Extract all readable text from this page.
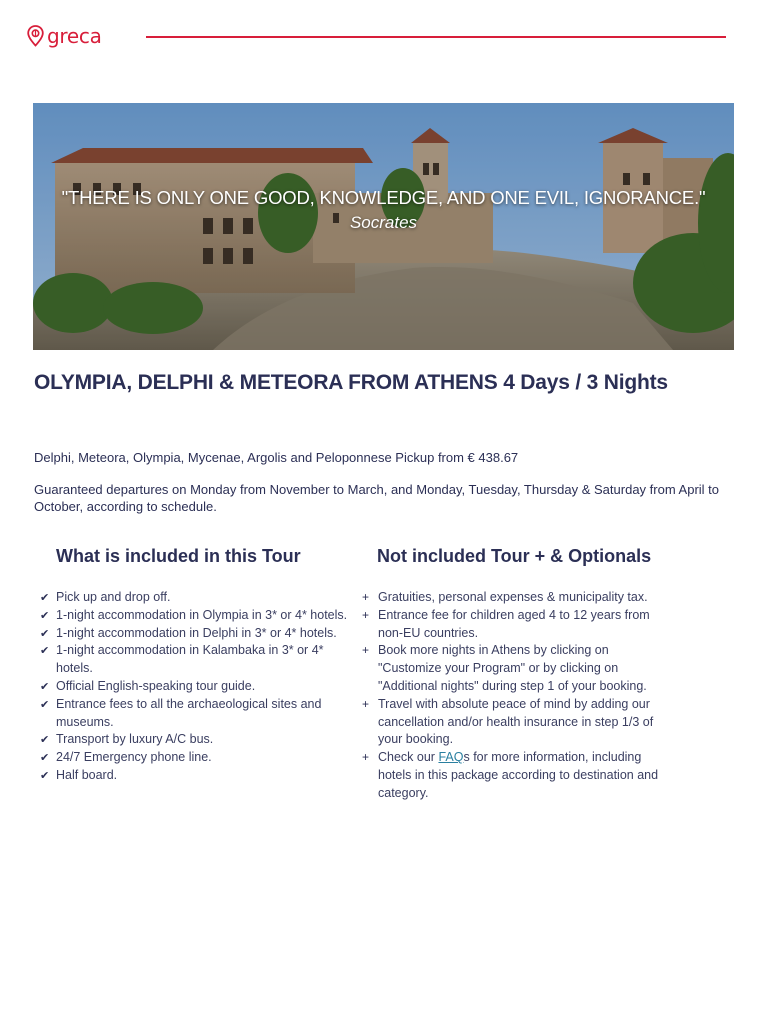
greca
"THERE IS ONLY ONE GOOD, KNOWLEDGE, AND ONE EVIL, IGNORANCE."
Socrates
OLYMPIA, DELPHI & METEORA FROM ATHENS 4 Days / 3 Nights

Delphi, Meteora, Olympia, Mycenae, Argolis and Peloponnese Pickup from € 438.67

Guaranteed departures on Monday from November to March, and Monday, Tuesday, Thursday & Saturday from April to October, according to schedule.

What is included in this Tour
✔ Pick up and drop off.
✔ 1-night accommodation in Olympia in 3* or 4* hotels.
✔ 1-night accommodation in Delphi in 3* or 4* hotels.
✔ 1-night accommodation in Kalambaka in 3* or 4* hotels.
✔ Official English-speaking tour guide.
✔ Entrance fees to all the archaeological sites and museums.
✔ Transport by luxury A/C bus.
✔ 24/7 Emergency phone line.
✔ Half board.
Not included Tour + & Optionals
+ Gratuities, personal expenses & municipality tax.
+ Entrance fee for children aged 4 to 12 years from non-EU countries.
+ Book more nights in Athens by clicking on "Customize your Program" or by clicking on "Additional nights" during step 1 of your booking.
+ Travel with absolute peace of mind by adding our cancellation and/or health insurance in step 1/3 of your booking.
+ Check our FAQs for more information, including hotels in this package according to destination and category.
